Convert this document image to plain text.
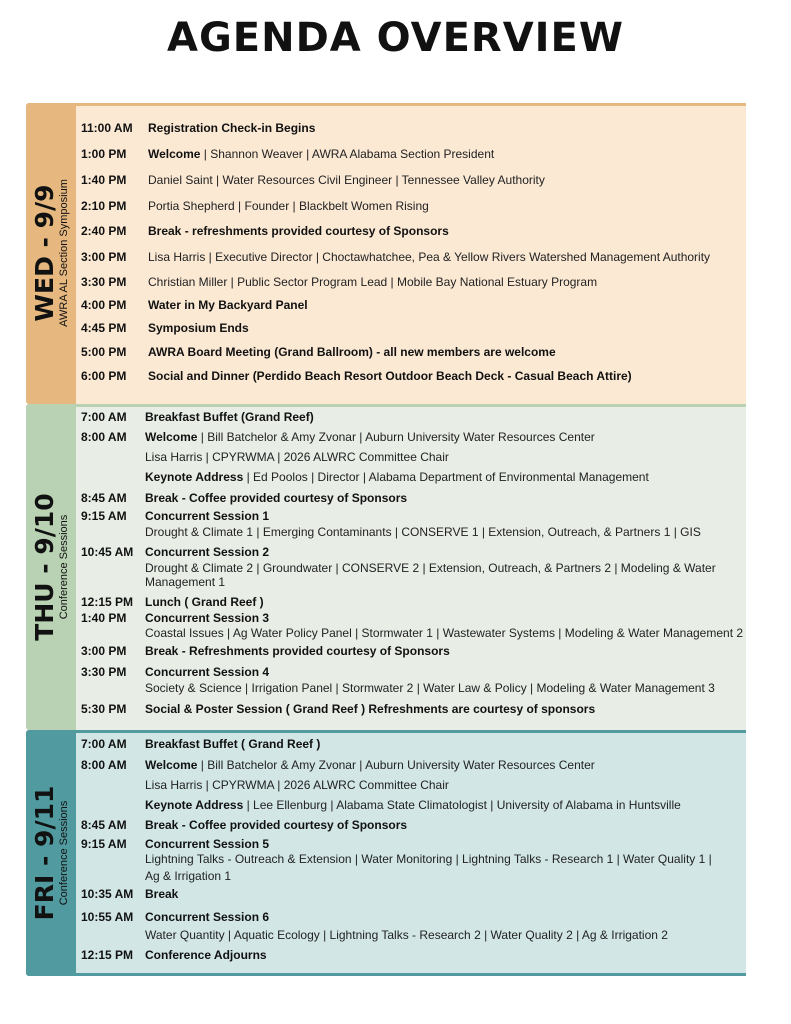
AGENDA OVERVIEW
WED - 9/9 AWRA AL Section Symposium
11:00 AM Registration Check-in Begins
1:00 PM Welcome | Shannon Weaver | AWRA Alabama Section President
1:40 PM Daniel Saint | Water Resources Civil Engineer | Tennessee Valley Authority
2:10 PM Portia Shepherd | Founder | Blackbelt Women Rising
2:40 PM Break - refreshments provided courtesy of Sponsors
3:00 PM Lisa Harris | Executive Director | Choctawhatchee, Pea & Yellow Rivers Watershed Management Authority
3:30 PM Christian Miller | Public Sector Program Lead | Mobile Bay National Estuary Program
4:00 PM Water in My Backyard Panel
4:45 PM Symposium Ends
5:00 PM AWRA Board Meeting (Grand Ballroom) - all new members are welcome
6:00 PM Social and Dinner (Perdido Beach Resort Outdoor Beach Deck - Casual Beach Attire)
THU - 9/10 Conference Sessions
7:00 AM Breakfast Buffet (Grand Reef)
8:00 AM Welcome | Bill Batchelor & Amy Zvonar | Auburn University Water Resources Center
Lisa Harris | CPYRWMA | 2026 ALWRC Committee Chair
Keynote Address | Ed Poolos | Director | Alabama Department of Environmental Management
8:45 AM Break - Coffee provided courtesy of Sponsors
9:15 AM Concurrent Session 1
Drought & Climate 1 | Emerging Contaminants | CONSERVE 1 | Extension, Outreach, & Partners 1 | GIS
10:45 AM Concurrent Session 2
Drought & Climate 2 | Groundwater | CONSERVE 2 | Extension, Outreach, & Partners 2 | Modeling & Water
Management 1
12:15 PM Lunch ( Grand Reef )
1:40 PM Concurrent Session 3
Coastal Issues | Ag Water Policy Panel | Stormwater 1 | Wastewater Systems | Modeling & Water Management 2
3:00 PM Break - Refreshments provided courtesy of Sponsors
3:30 PM Concurrent Session 4
Society & Science | Irrigation Panel | Stormwater 2 | Water Law & Policy | Modeling & Water Management 3
5:30 PM Social & Poster Session ( Grand Reef ) Refreshments are courtesy of sponsors
FRI - 9/11 Conference Sessions
7:00 AM Breakfast Buffet ( Grand Reef )
8:00 AM Welcome | Bill Batchelor & Amy Zvonar | Auburn University Water Resources Center
Lisa Harris | CPYRWMA | 2026 ALWRC Committee Chair
Keynote Address | Lee Ellenburg | Alabama State Climatologist | University of Alabama in Huntsville
8:45 AM Break - Coffee provided courtesy of Sponsors
9:15 AM Concurrent Session 5
Lightning Talks - Outreach & Extension | Water Monitoring | Lightning Talks - Research 1 | Water Quality 1 |
Ag & Irrigation 1
10:35 AM Break
10:55 AM Concurrent Session 6
Water Quantity | Aquatic Ecology | Lightning Talks - Research 2 | Water Quality 2 | Ag & Irrigation 2
12:15 PM Conference Adjourns
